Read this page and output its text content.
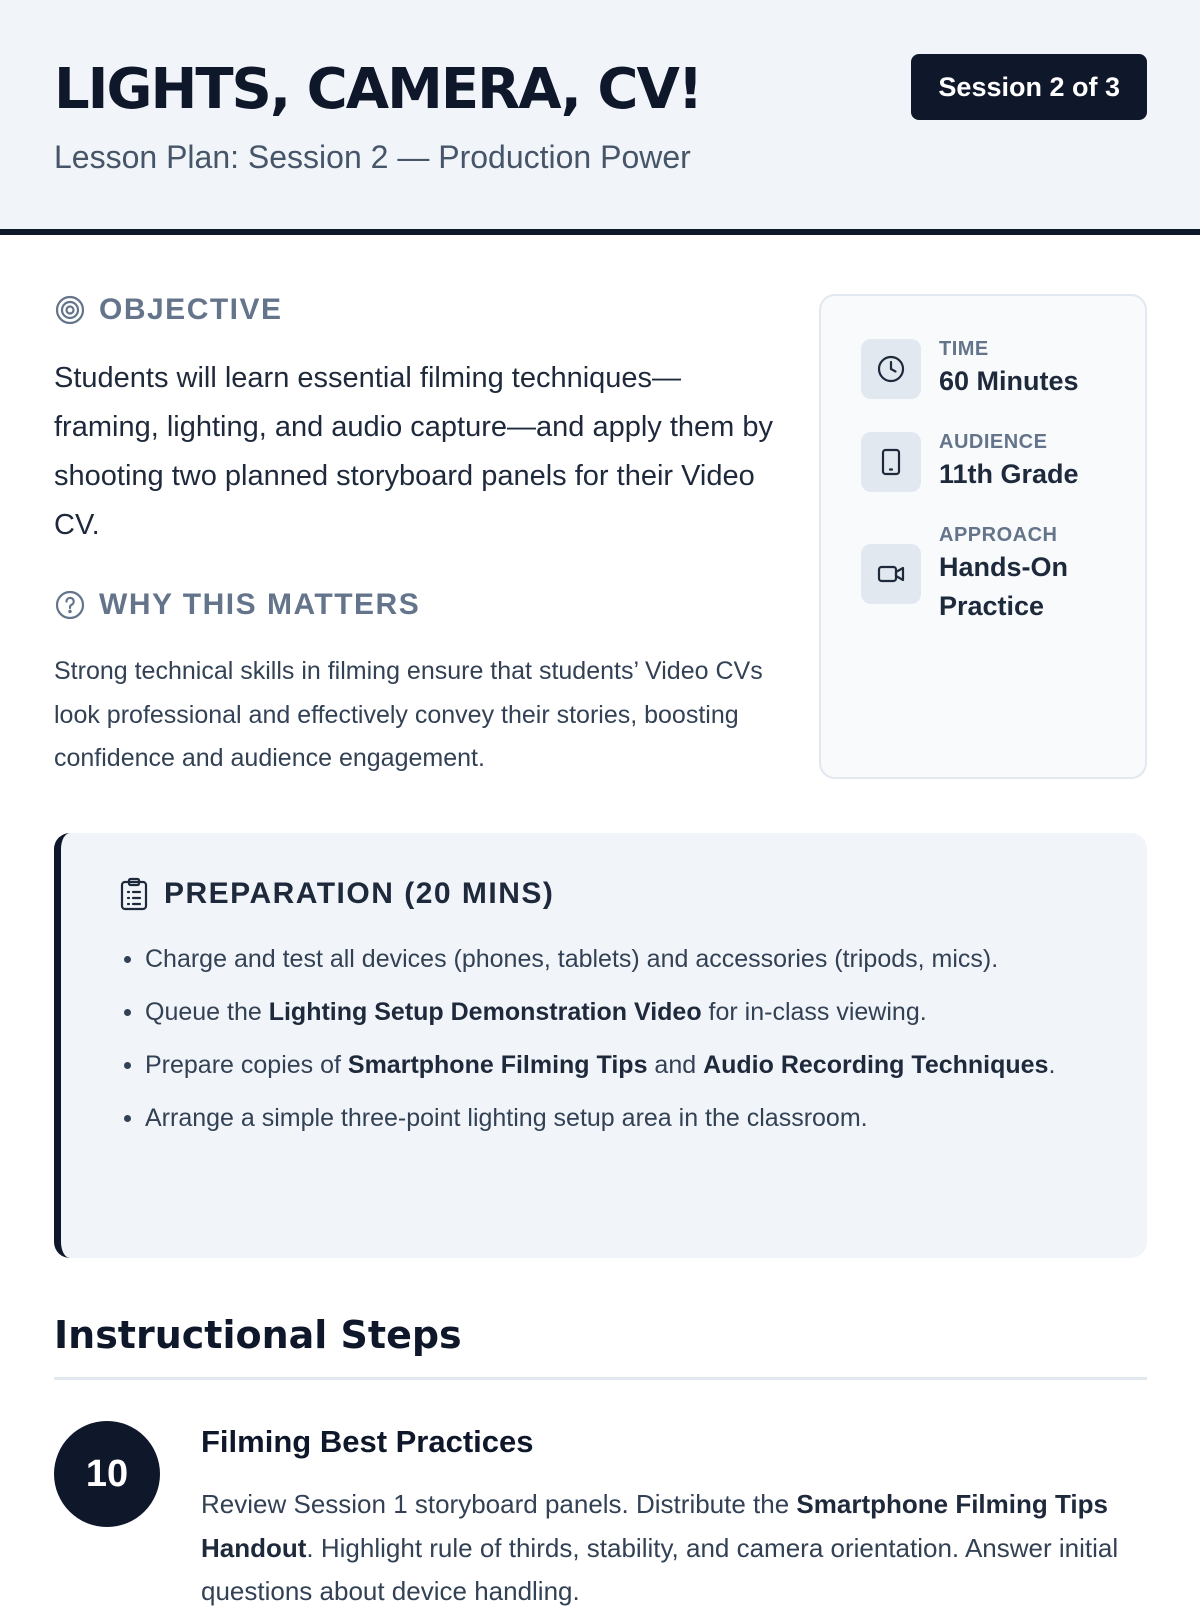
LIGHTS, CAMERA, CV!
Lesson Plan: Session 2 — Production Power
Session 2 of 3
OBJECTIVE

Students will learn essential filming techniques—framing, lighting, and audio capture—and apply them by shooting two planned storyboard panels for their Video CV.

WHY THIS MATTERS

Strong technical skills in filming ensure that students’ Video CVs look professional and effectively convey their stories, boosting confidence and audience engagement.

TIME
60 Minutes
AUDIENCE
11th Grade
APPROACH
Hands-On Practice
PREPARATION (20 MINS)
Charge and test all devices (phones, tablets) and accessories (tripods, mics).
Queue the Lighting Setup Demonstration Video for in-class viewing.
Prepare copies of Smartphone Filming Tips and Audio Recording Techniques.
Arrange a simple three-point lighting setup area in the classroom.
Instructional Steps
10
Filming Best Practices

Review Session 1 storyboard panels. Distribute the Smartphone Filming Tips Handout. Highlight rule of thirds, stability, and camera orientation. Answer initial questions about device handling.
